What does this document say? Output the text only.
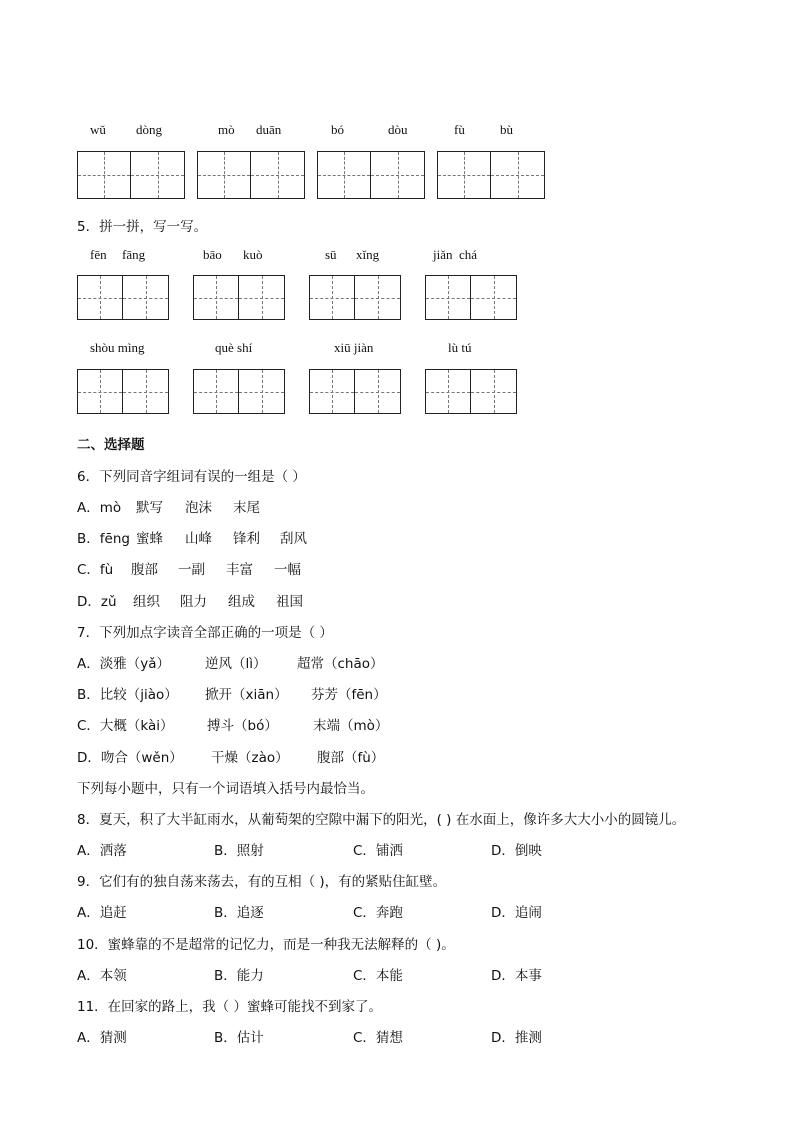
wǔ dòng	mò duān	bó	dòu	fù	bù
5．拼一拼，写一写。
fēn fāng	bāo kuò	sū xǐng	jiǎn chá
shòu mìng	què shí	xiū jiàn	lù tú
二、选择题
6．下列同音字组词有误的一组是（ ）
A．mò 默写 泡沫 末尾
B．fēng 蜜蜂 山峰 锋利 刮风
C．fù 腹部 一副 丰富 一幅
D．zǔ 组织 阻力 组成 祖国
7．下列加点字读音全部正确的一项是（ ）
A．淡雅（yǎ）	逆风（lì） 超常（chāo）
B．比较（jiào） 掀开（xiān） 芬芳（fēn）
C．大概（kài） 搏斗（bó）	末端（mò）
D．吻合（wěn） 干燥（zào） 腹部（fù）
下列每小题中，只有一个词语填入括号内最恰当。
8．夏天，积了大半缸雨水，从葡萄架的空隙中漏下的阳光，( ) 在水面上，像许多大大小小的圆镜儿。
A．洒落	B．照射	C．铺洒	D．倒映
9．它们有的独自荡来荡去，有的互相（ )，有的紧贴住缸壁。
A．追赶	B．追逐	C．奔跑	D．追闹
10．蜜蜂靠的不是超常的记忆力，而是一种我无法解释的（ )。
A．本领	B．能力	C．本能	D．本事
11．在回家的路上，我（ ）蜜蜂可能找不到家了。
A．猜测	B．估计	C．猜想	D．推测
